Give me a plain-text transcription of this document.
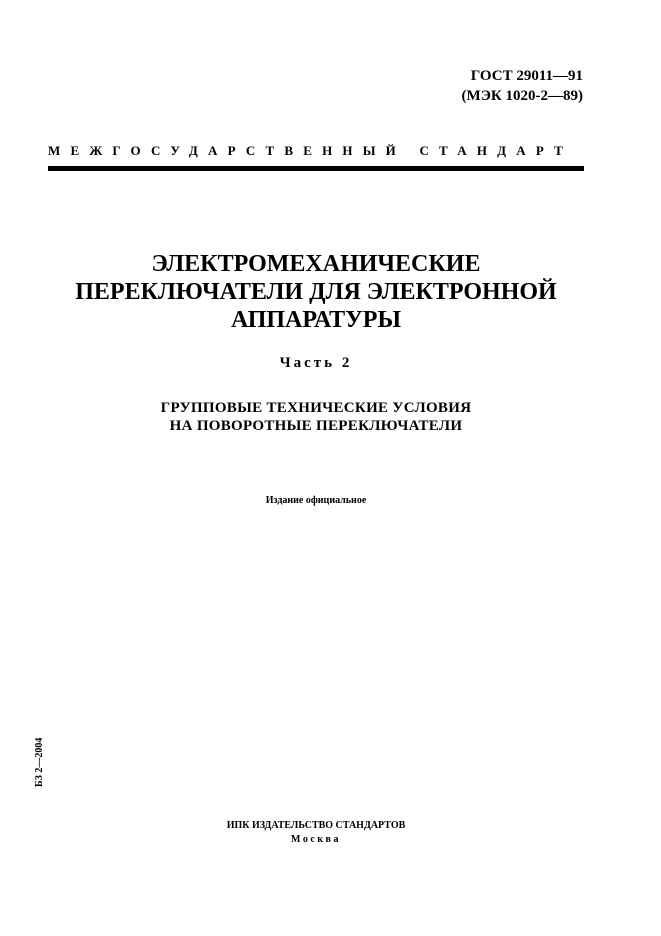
ГОСТ 29011—91
(МЭК 1020-2—89)
МЕЖГОСУДАРСТВЕННЫЙ СТАНДАРТ
ЭЛЕКТРОМЕХАНИЧЕСКИЕ
ПЕРЕКЛЮЧАТЕЛИ ДЛЯ ЭЛЕКТРОННОЙ
АППАРАТУРЫ
Часть 2
ГРУППОВЫЕ ТЕХНИЧЕСКИЕ УСЛОВИЯ
НА ПОВОРОТНЫЕ ПЕРЕКЛЮЧАТЕЛИ
Издание официальное
БЗ 2—2004
ИПК ИЗДАТЕЛЬСТВО СТАНДАРТОВ
Москва
